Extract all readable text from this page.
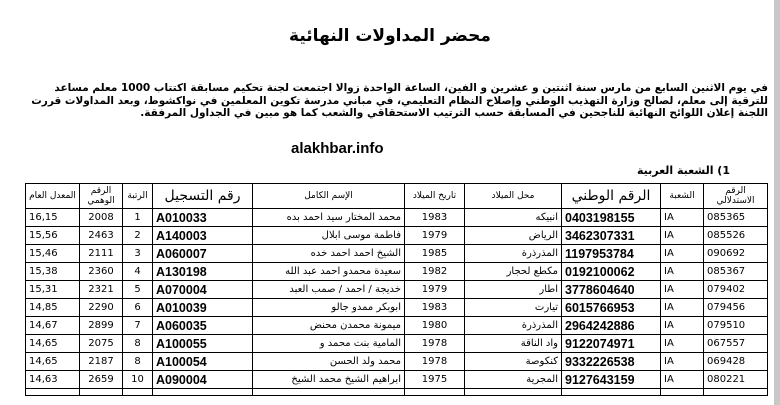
محضر المداولات النهائية
في يوم الاثنين السابع من مارس سنة اثنتين و عشرين و الفين، الساعة الواحدة زوالا اجتمعت لجنة تحكيم مسابقة اكتتاب 1000 معلم مساعد للترقية إلى معلم، لصالح وزارة التهذيب الوطني وإصلاح النظام التعليمي، في مباني مدرسة تكوين المعلمين في نواكشوط، وبعد المداولات قررت اللجنة إعلان اللوائح النهائية للناجحين في المسابقة حسب الترتيب الاستحقاقي والشعب كما هو مبين في الجداول المرفقة.
alakhbar.info
1) الشعبة العربية
المعدل العام	الرقم الوهمي	الرتبة	رقم التسجيل	الإسم الكامل	تاريخ الميلاد	محل الميلاد	الرقم الوطني	الشعبة	الرقم الاستدلالي
16,15	2008	1	A010033	محمد المختار سيد احمد بده	1983	انبيكه	0403198155	IA	085365
15,56	2463	2	A140003	فاطمة موسى ابلال	1979	الرياض	3462307331	IA	085526
15,46	2111	3	A060007	الشيخ احمد احمد خده	1985	المذرذرة	1197953784	IA	090692
15,38	2360	4	A130198	سعيدة محمدو احمد عبد الله	1982	مكطع لحجار	0192100062	IA	085367
15,31	2321	5	A070004	خديجة / احمد / صمب العبد	1979	اطار	3778604640	IA	079402
14,85	2290	6	A010039	ابوبكر ممدو جالو	1983	تيارت	6015766953	IA	079456
14,67	2899	7	A060035	ميمونة محمدن محنض	1980	المذرذرة	2964242886	IA	079510
14,65	2075	8	A100055	المامية بنت محمد و	1978	واد الناقة	9122074971	IA	067557
14,65	2187	8	A100054	محمد ولد الحسن	1978	كنكوصة	9332226538	IA	069428
14,63	2659	10	A090004	ابراهيم الشيخ محمد الشيخ	1975	المجرية	9127643159	IA	080221
